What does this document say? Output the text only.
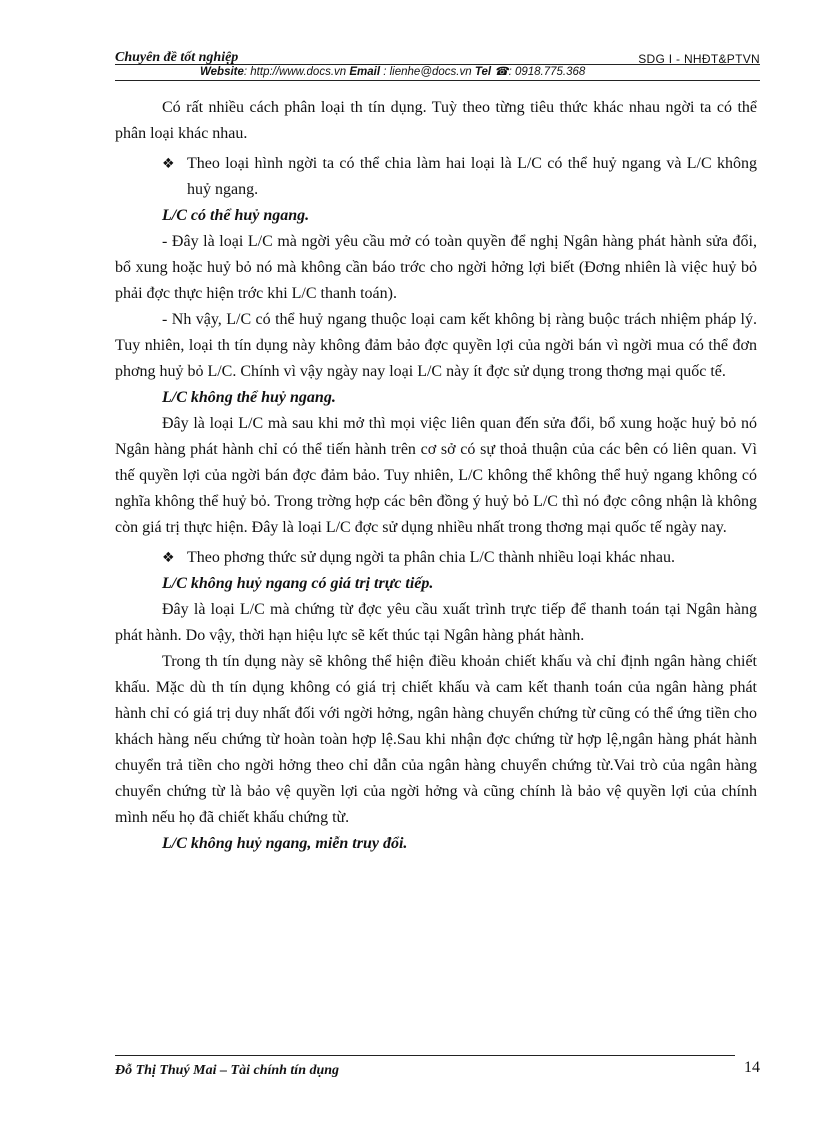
Chuyên đề tốt nghiệp	SDG I - NHĐT&PTVN
Website: http://www.docs.vn Email : lienhe@docs.vn Tel ☎: 0918.775.368

Có rất nhiều cách phân loại th tín dụng. Tuỳ theo từng tiêu thức khác nhau ngời ta có thể phân loại khác nhau.

❖ Theo loại hình ngời ta có thể chia làm hai loại là L/C có thể huỷ ngang và L/C không huỷ ngang.

L/C có thể huỷ ngang.

- Đây là loại L/C mà ngời yêu cầu mở có toàn quyền để nghị Ngân hàng phát hành sửa đổi, bổ xung hoặc huỷ bỏ nó mà không cần báo trớc cho ngời hởng lợi biết (Đơng nhiên là việc huỷ bỏ phải đợc thực hiện trớc khi L/C thanh toán).

- Nh vậy, L/C có thể huỷ ngang thuộc loại cam kết không bị ràng buộc trách nhiệm pháp lý. Tuy nhiên, loại th tín dụng này không đảm bảo đợc quyền lợi của ngời bán vì ngời mua có thể đơn phơng huỷ bỏ L/C. Chính vì vậy ngày nay loại L/C này ít đợc sử dụng trong thơng mại quốc tế.

L/C không thể huỷ ngang.

Đây là loại L/C mà sau khi mở thì mọi việc liên quan đến sửa đổi, bổ xung hoặc huỷ bỏ nó Ngân hàng phát hành chỉ có thể tiến hành trên cơ sở có sự thoả thuận của các bên có liên quan. Vì thế quyền lợi của ngời bán đợc đảm bảo. Tuy nhiên, L/C không thể không thể huỷ ngang không có nghĩa không thể huỷ bỏ. Trong trờng hợp các bên đồng ý huỷ bỏ L/C thì nó đợc công nhận là không còn giá trị thực hiện. Đây là loại L/C đợc sử dụng nhiều nhất trong thơng mại quốc tế ngày nay.

❖ Theo phơng thức sử dụng ngời ta phân chia L/C thành nhiều loại khác nhau.

L/C không huỷ ngang có giá trị trực tiếp.

Đây là loại L/C mà chứng từ đợc yêu cầu xuất trình trực tiếp để thanh toán tại Ngân hàng phát hành. Do vậy, thời hạn hiệu lực sẽ kết thúc tại Ngân hàng phát hành.

Trong th tín dụng này sẽ không thể hiện điều khoản chiết khấu và chỉ định ngân hàng chiết khấu. Mặc dù th tín dụng không có giá trị chiết khấu và cam kết thanh toán của ngân hàng phát hành chỉ có giá trị duy nhất đối với ngời hởng, ngân hàng chuyển chứng từ cũng có thể ứng tiền cho khách hàng nếu chứng từ hoàn toàn hợp lệ.Sau khi nhận đợc chứng từ hợp lệ,ngân hàng phát hành chuyển trả tiền cho ngời hởng theo chỉ dẫn của ngân hàng chuyển chứng từ.Vai trò của ngân hàng chuyển chứng từ là bảo vệ quyền lợi của ngời hởng và cũng chính là bảo vệ quyền lợi của chính mình nếu họ đã chiết khấu chứng từ.

L/C không huỷ ngang, miễn truy đổi.

Đỗ Thị Thuý Mai – Tài chính tín dụng	14
